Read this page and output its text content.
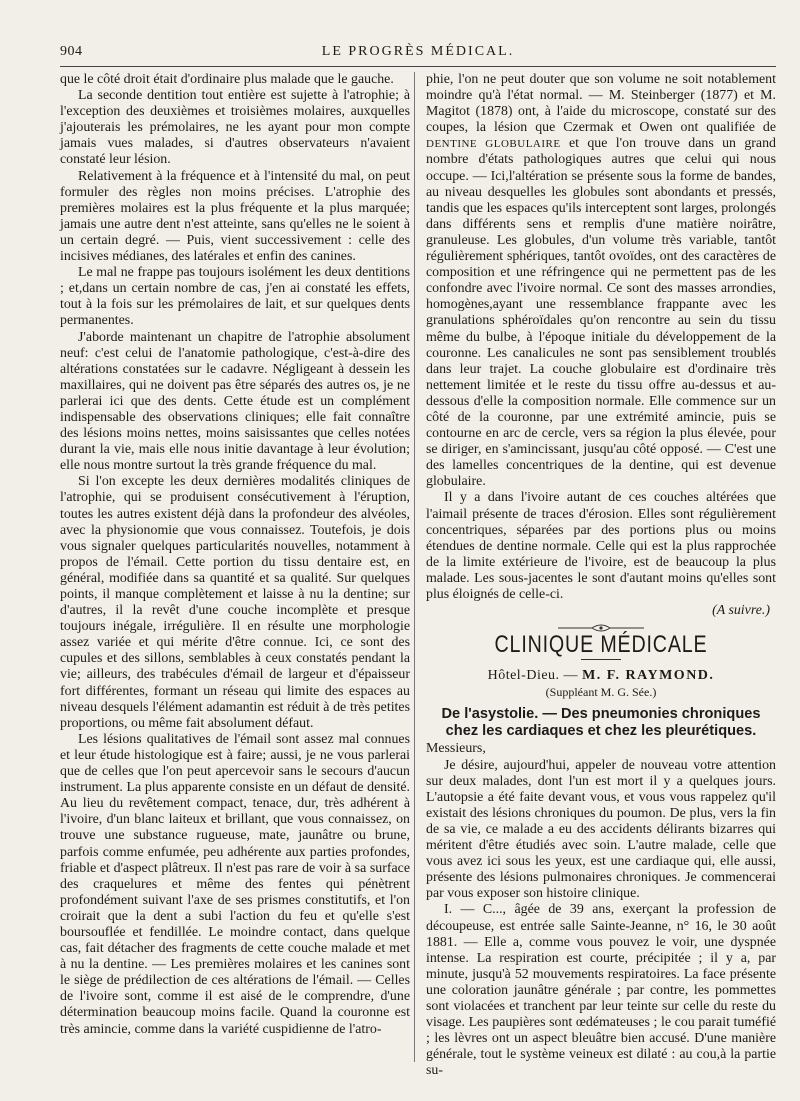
904	LE PROGRÈS MÉDICAL.

que le côté droit était d'ordinaire plus malade que le gauche.

La seconde dentition tout entière est sujette à l'atrophie; à l'exception des deuxièmes et troisièmes molaires, auxquelles j'ajouterais les prémolaires, ne les ayant pour mon compte jamais vues malades, si d'autres observateurs n'avaient constaté leur lésion.

Relativement à la fréquence et à l'intensité du mal, on peut formuler des règles non moins précises. L'atrophie des premières molaires est la plus fréquente et la plus marquée; jamais une autre dent n'est atteinte, sans qu'elles ne le soient à un certain degré. — Puis, vient successivement : celle des incisives médianes, des latérales et enfin des canines.

Le mal ne frappe pas toujours isolément les deux dentitions ; et,dans un certain nombre de cas, j'en ai constaté les effets, tout à la fois sur les prémolaires de lait, et sur quelques dents permanentes.

J'aborde maintenant un chapitre de l'atrophie absolument neuf: c'est celui de l'anatomie pathologique, c'est-à-dire des altérations constatées sur le cadavre. Négligeant à dessein les maxillaires, qui ne doivent pas être séparés des autres os, je ne parlerai ici que des dents. Cette étude est un complément indispensable des observations cliniques; elle fait connaître des lésions moins nettes, moins saisissantes que celles notées durant la vie, mais elle nous initie davantage à leur évolution; elle nous montre surtout la très grande fréquence du mal.

Si l'on excepte les deux dernières modalités cliniques de l'atrophie, qui se produisent consécutivement à l'éruption, toutes les autres existent déjà dans la profondeur des alvéoles, avec la physionomie que vous connaissez. Toutefois, je dois vous signaler quelques particularités nouvelles, notamment à propos de l'émail. Cette portion du tissu dentaire est, en général, modifiée dans sa quantité et sa qualité. Sur quelques points, il manque complètement et laisse à nu la dentine; sur d'autres, il la revêt d'une couche incomplète et presque toujours inégale, irrégulière. Il en résulte une morphologie assez variée et qui mérite d'être connue. Ici, ce sont des cupules et des sillons, semblables à ceux constatés pendant la vie; ailleurs, des trabécules d'émail de largeur et d'épaisseur fort différentes, formant un réseau qui limite des espaces au niveau desquels l'élément adamantin est réduit à de très petites proportions, ou même fait absolument défaut.

Les lésions qualitatives de l'émail sont assez mal connues et leur étude histologique est à faire; aussi, je ne vous parlerai que de celles que l'on peut apercevoir sans le secours d'aucun instrument. La plus apparente consiste en un défaut de densité. Au lieu du revêtement compact, tenace, dur, très adhérent à l'ivoire, d'un blanc laiteux et brillant, que vous connaissez, on trouve une substance rugueuse, mate, jaunâtre ou brune, parfois comme enfumée, peu adhérente aux parties profondes, friable et d'aspect plâtreux. Il n'est pas rare de voir à sa surface des craquelures et même des fentes qui pénètrent profondément suivant l'axe de ses prismes constitutifs, et l'on croirait que la dent a subi l'action du feu et qu'elle s'est boursouflée et fendillée. Le moindre contact, dans quelque cas, fait détacher des fragments de cette couche malade et met à nu la dentine. — Les premières molaires et les canines sont le siège de prédilection de ces altérations de l'émail. — Celles de l'ivoire sont, comme il est aisé de le comprendre, d'une détermination beaucoup moins facile. Quand la couronne est très amincie, comme dans la variété cuspidienne de l'atro-

phie, l'on ne peut douter que son volume ne soit notablement moindre qu'à l'état normal. — M. Steinberger (1877) et M. Magitot (1878) ont, à l'aide du microscope, constaté sur des coupes, la lésion que Czermak et Owen ont qualifiée de DENTINE GLOBULAIRE et que l'on trouve dans un grand nombre d'états pathologiques autres que celui qui nous occupe. — Ici,l'altération se présente sous la forme de bandes, au niveau desquelles les globules sont abondants et pressés, tandis que les espaces qu'ils interceptent sont larges, prolongés dans différents sens et remplis d'une matière noirâtre, granuleuse. Les globules, d'un volume très variable, tantôt régulièrement sphériques, tantôt ovoïdes, ont des caractères de composition et une réfringence qui ne permettent pas de les confondre avec l'ivoire normal. Ce sont des masses arrondies, homogènes,ayant une ressemblance frappante avec les granulations sphéroïdales qu'on rencontre au sein du tissu même du bulbe, à l'époque initiale du développement de la couronne. Les canalicules ne sont pas sensiblement troublés dans leur trajet. La couche globulaire est d'ordinaire très nettement limitée et le reste du tissu offre au-dessus et au-dessous d'elle la composition normale. Elle commence sur un côté de la couronne, par une extrémité amincie, puis se contourne en arc de cercle, vers sa région la plus élevée, pour se diriger, en s'amincissant, jusqu'au côté opposé. — C'est une des lamelles concentriques de la dentine, qui est devenue globulaire.

Il y a dans l'ivoire autant de ces couches altérées que l'aimail présente de traces d'érosion. Elles sont régulièrement concentriques, séparées par des portions plus ou moins étendues de dentine normale. Celle qui est la plus rapprochée de la limite extérieure de l'ivoire, est de beaucoup la plus malade. Les sous-jacentes le sont d'autant moins qu'elles sont plus éloignés de celle-ci.

(A suivre.)

CLINIQUE MÉDICALE
Hôtel-Dieu. — M. F. RAYMOND.
(Suppléant M. G. Sée.)
De l'asystolie. — Des pneumonies chroniques chez les cardiaques et chez les pleurétiques.

Messieurs,

Je désire, aujourd'hui, appeler de nouveau votre attention sur deux malades, dont l'un est mort il y a quelques jours. L'autopsie a été faite devant vous, et vous vous rappelez qu'il existait des lésions chroniques du poumon. De plus, vers la fin de sa vie, ce malade a eu des accidents délirants bizarres qui méritent d'être étudiés avec soin. L'autre malade, celle que vous avez ici sous les yeux, est une cardiaque qui, elle aussi, présente des lésions pulmonaires chroniques. Je commencerai par vous exposer son histoire clinique.

I. — C..., âgée de 39 ans, exerçant la profession de découpeuse, est entrée salle Sainte-Jeanne, n° 16, le 30 août 1881. — Elle a, comme vous pouvez le voir, une dyspnée intense. La respiration est courte, précipitée ; il y a, par minute, jusqu'à 52 mouvements respiratoires. La face présente une coloration jaunâtre générale ; par contre, les pommettes sont violacées et tranchent par leur teinte sur celle du reste du visage. Les paupières sont œdémateuses ; le cou parait tuméfié ; les lèvres ont un aspect bleuâtre bien accusé. D'une manière générale, tout le système veineux est dilaté : au cou,à la partie su-
